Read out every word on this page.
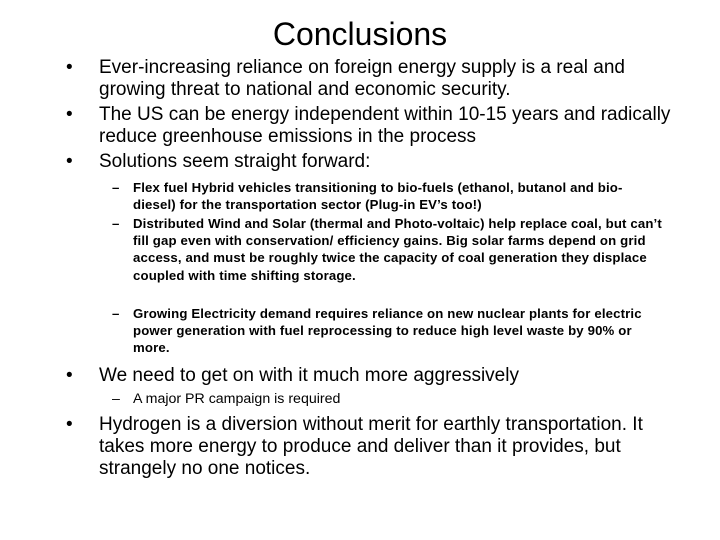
Conclusions
• Ever-increasing reliance on foreign energy supply is a real and growing threat to national and economic security.
• The US can be energy independent within 10-15 years and radically reduce greenhouse emissions in the process
• Solutions seem straight forward:
– Flex fuel Hybrid vehicles transitioning to bio-fuels (ethanol, butanol and bio-diesel) for the transportation sector (Plug-in EV’s too!)
– Distributed Wind and Solar (thermal and Photo-voltaic) help replace coal, but can’t fill gap even with conservation/ efficiency gains. Big solar farms depend on grid access, and must be roughly twice the capacity of coal generation they displace coupled with time shifting storage.
– Growing Electricity demand requires reliance on new nuclear plants for electric power generation with fuel reprocessing to reduce high level waste by 90% or more.
• We need to get on with it much more aggressively
– A major PR campaign is required
• Hydrogen is a diversion without merit for earthly transportation. It takes more energy to produce and deliver than it provides, but strangely no one notices.
